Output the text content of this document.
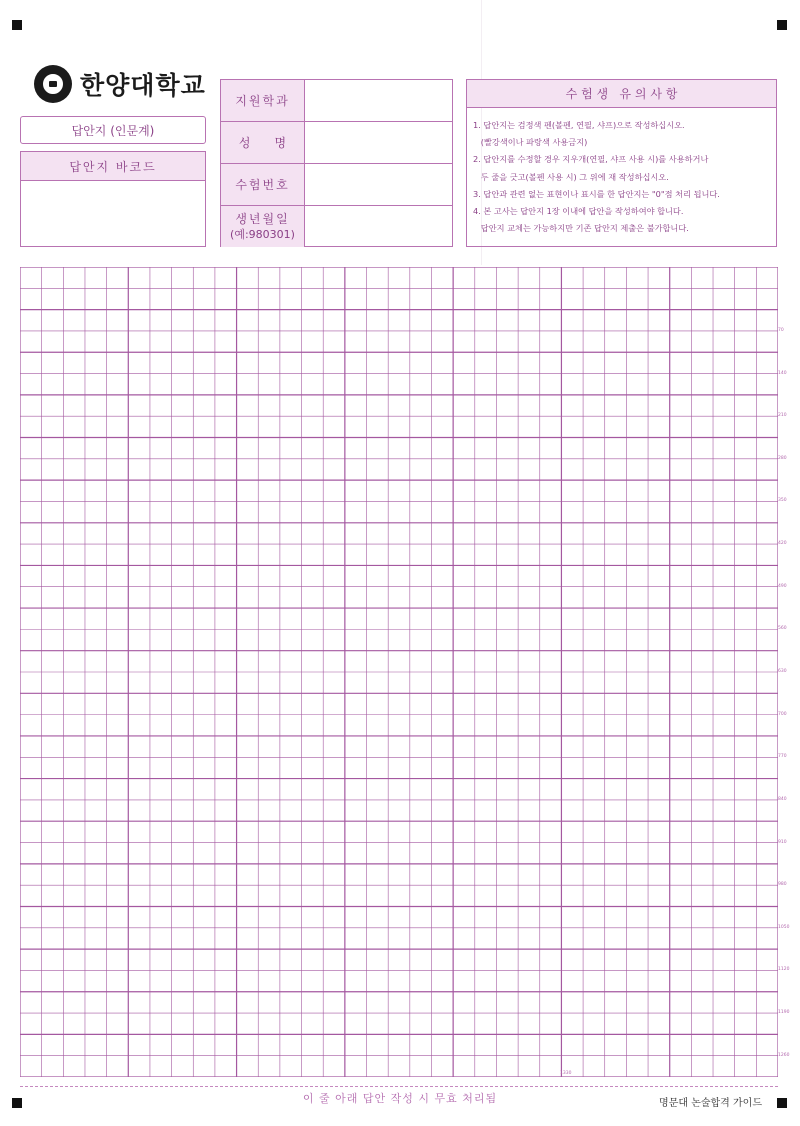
한양대학교
답안지 (인문계)
답안지 바코드
지원학과
성　　명
수험번호
생년월일
(예:980301)
수 험 생   유 의 사 항
1. 답안지는 검정색 펜(볼펜, 연필, 샤프)으로 작성하십시오.
(빨강색이나 파랑색 사용금지)
2. 답안지를 수정할 경우 지우개(연필, 샤프 사용 시)를 사용하거나
두 줄을 긋고(볼펜 사용 시) 그 위에 재 작성하십시오.
3. 답안과 관련 없는 표현이나 표시를 한 답안지는 "0"점 처리 됩니다.
4. 본 고사는 답안지 1장 이내에 답안을 작성하여야 합니다.
답안지 교체는 가능하지만 기존 답안지 제출은 불가합니다.
70
140
210
280
350
420
490
560
630
700
770
840
910
980
1050
1120
1190
1260
1330
이 줄 아래 답안 작성 시 무효 처리됨	명문대 논술합격 가이드
